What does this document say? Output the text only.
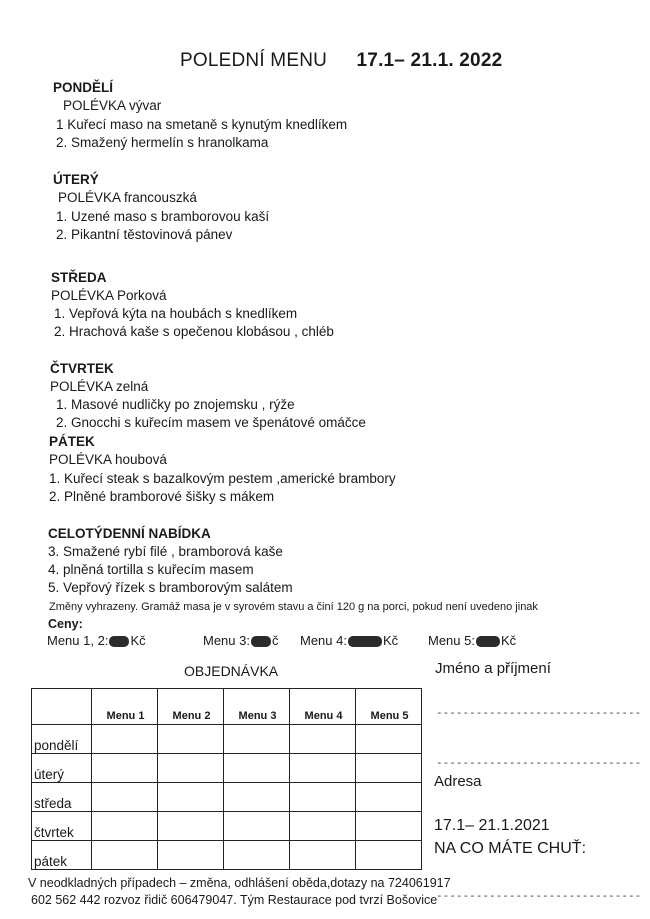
POLEDNÍ MENU 17.1– 21.1. 2022
PONDĚLÍ
POLÉVKA vývar
1 Kuřecí maso na smetaně s kynutým knedlíkem
2. Smažený hermelín s hranolkama
ÚTERÝ
POLÉVKA francouszká
1. Uzené maso s bramborovou kaší
2. Pikantní těstovinová pánev
STŘEDA
POLÉVKA Porková
1. Vepřová kýta na houbách s knedlíkem
2. Hrachová kaše s opečenou klobásou , chléb
ČTVRTEK
POLÉVKA zelná
1. Masové nudličky po znojemsku , rýže
2. Gnocchi s kuřecím masem ve špenátové omáčce
PÁTEK
POLÉVKA houbová
1. Kuřecí steak s bazalkovým pestem ,americké brambory
2. Plněné bramborové šišky s mákem
CELOTÝDENNÍ NABÍDKA
3. Smažené rybí filé , bramborová kaše
4. plněná tortilla s kuřecím masem
5. Vepřový řízek s bramborovým salátem
Změny vyhrazeny. Gramáž masa je v syrovém stavu a činí 120 g na porci, pokud není uvedeno jinak
Ceny:
Menu 1, 2: Kč	Menu 3: č Menu 4:	Kč Menu 5: Kč
OBJEDNÁVKA
	Menu 1	Menu 2	Menu 3	Menu 4	Menu 5
pondělí					
úterý					
středa					
čtvrtek					
pátek					
Jméno a příjmení
-------------------------------
-------------------------------
Adresa
17.1– 21.1.2021
NA CO MÁTE CHUŤ:
-------------------------------
V neodkladných případech – změna, odhlášení oběda,dotazy na 724061917
602 562 442 rozvoz řidič 606479047. Tým Restaurace pod tvrzí Bošovice
